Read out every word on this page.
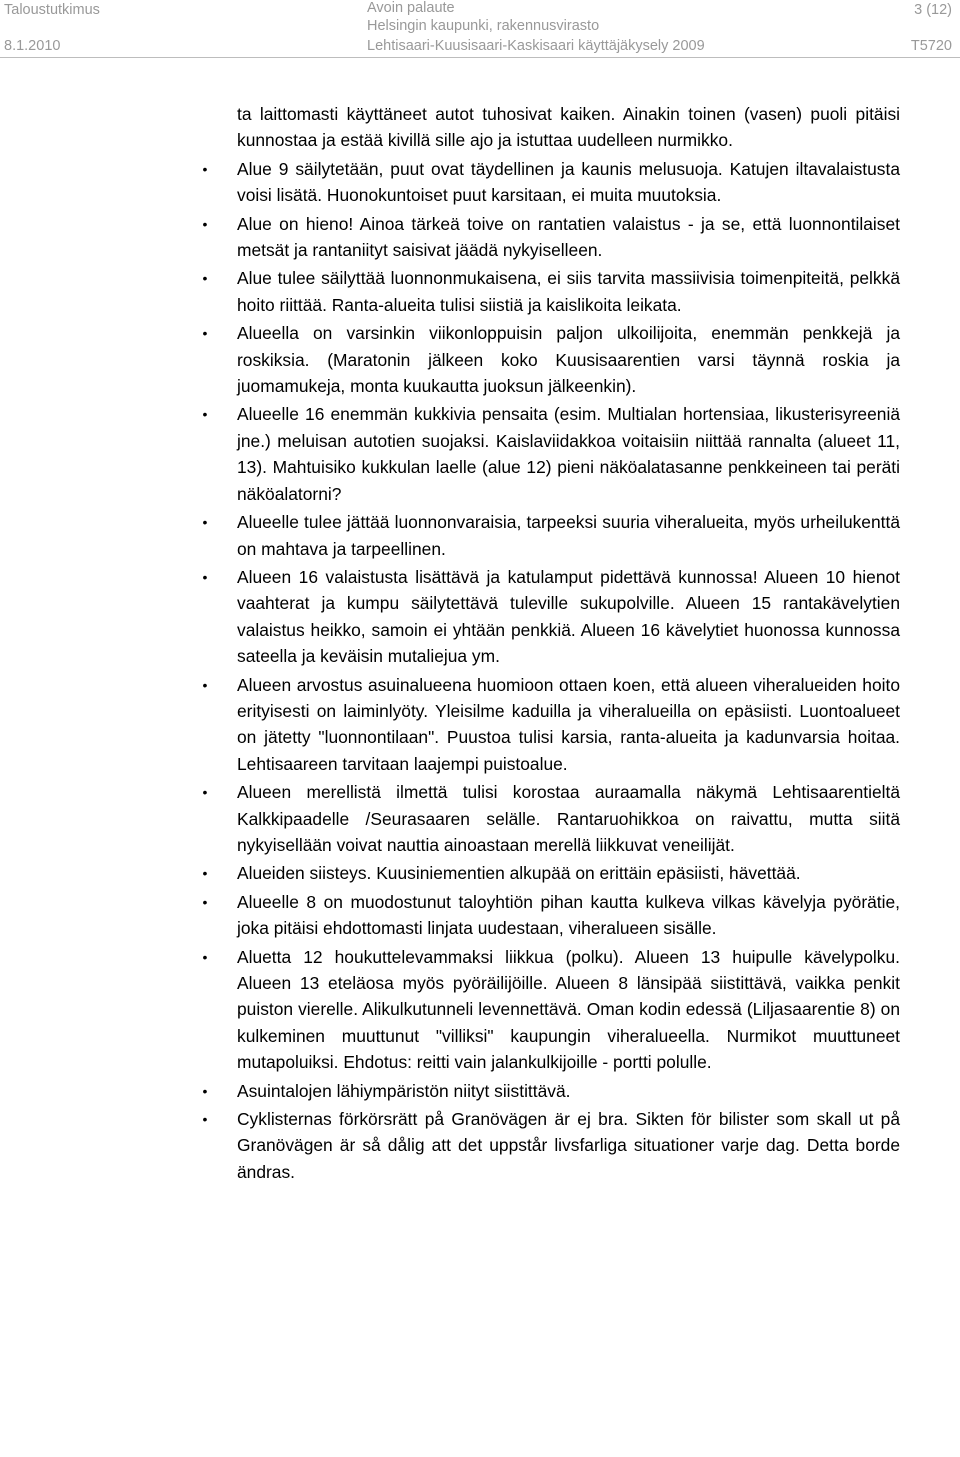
Taloustutkimus
8.1.2010
Avoin palaute
Helsingin kaupunki, rakennusvirasto
Lehtisaari-Kuusisaari-Kaskisaari käyttäjäkysely 2009
3 (12)
T5720
ta laittomasti käyttäneet autot tuhosivat kaiken. Ainakin toinen (vasen) puoli pitäisi kunnostaa ja estää kivillä sille ajo ja istuttaa uudelleen nurmikko.
•	Alue 9 säilytetään, puut ovat täydellinen ja kaunis melusuoja. Katujen iltavalaistusta voisi lisätä. Huonokuntoiset puut karsitaan, ei muita muutoksia.
•	Alue on hieno! Ainoa tärkeä toive on rantatien valaistus - ja se, että luonnontilaiset metsät ja rantaniityt saisivat jäädä nykyiselleen.
•	Alue tulee säilyttää luonnonmukaisena, ei siis tarvita massiivisia toimenpiteitä, pelkkä hoito riittää. Ranta-alueita tulisi siistiä ja kaislikoita leikata.
•	Alueella on varsinkin viikonloppuisin paljon ulkoilijoita, enemmän penkkejä ja roskiksia. (Maratonin jälkeen koko Kuusisaarentien varsi täynnä roskia ja juomamukeja, monta kuukautta juoksun jälkeenkin).
•	Alueelle 16 enemmän kukkivia pensaita (esim. Multialan hortensiaa, likusterisyreeniä jne.) meluisan autotien suojaksi. Kaislaviidakkoa voitaisiin niittää rannalta (alueet 11, 13). Mahtuisiko kukkulan laelle (alue 12) pieni näköalatasanne penkkeineen tai peräti näköalatorni?
•	Alueelle tulee jättää luonnonvaraisia, tarpeeksi suuria viheralueita, myös urheilukenttä on mahtava ja tarpeellinen.
•	Alueen 16 valaistusta lisättävä ja katulamput pidettävä kunnossa! Alueen 10 hienot vaahterat ja kumpu säilytettävä tuleville sukupolville. Alueen 15 rantakävelytien valaistus heikko, samoin ei yhtään penkkiä. Alueen 16 kävelytiet huonossa kunnossa sateella ja keväisin mutaliejua ym.
•	Alueen arvostus asuinalueena huomioon ottaen koen, että alueen viheralueiden hoito erityisesti on laiminlyöty. Yleisilme kaduilla ja viheralueilla on epäsiisti. Luontoalueet on jätetty "luonnontilaan". Puustoa tulisi karsia, ranta-alueita ja kadunvarsia hoitaa. Lehtisaareen tarvitaan laajempi puistoalue.
•	Alueen merellistä ilmettä tulisi korostaa auraamalla näkymä Lehtisaarentieltä Kalkkipaadelle /Seurasaaren selälle. Rantaruohikkoa on raivattu, mutta siitä nykyisellään voivat nauttia ainoastaan merellä liikkuvat veneilijät.
•	Alueiden siisteys. Kuusiniementien alkupää on erittäin epäsiisti, hävettää.
•	Alueelle 8 on muodostunut taloyhtiön pihan kautta kulkeva vilkas kävelyja pyörätie, joka pitäisi ehdottomasti linjata uudestaan, viheralueen sisälle.
•	Aluetta 12 houkuttelevammaksi liikkua (polku). Alueen 13 huipulle kävelypolku. Alueen 13 eteläosa myös pyöräilijöille. Alueen 8 länsipää siistittävä, vaikka penkit puiston vierelle. Alikulkutunneli levennettävä. Oman kodin edessä (Liljasaarentie 8) on kulkeminen muuttunut "villiksi" kaupungin viheralueella. Nurmikot muuttuneet mutapoluiksi. Ehdotus: reitti vain jalankulkijoille - portti polulle.
•	Asuintalojen lähiympäristön niityt siistittävä.
•	Cyklisternas förkörsrätt på Granövägen är ej bra. Sikten för bilister som skall ut på Granövägen är så dålig att det uppstår livsfarliga situationer varje dag. Detta borde ändras.
